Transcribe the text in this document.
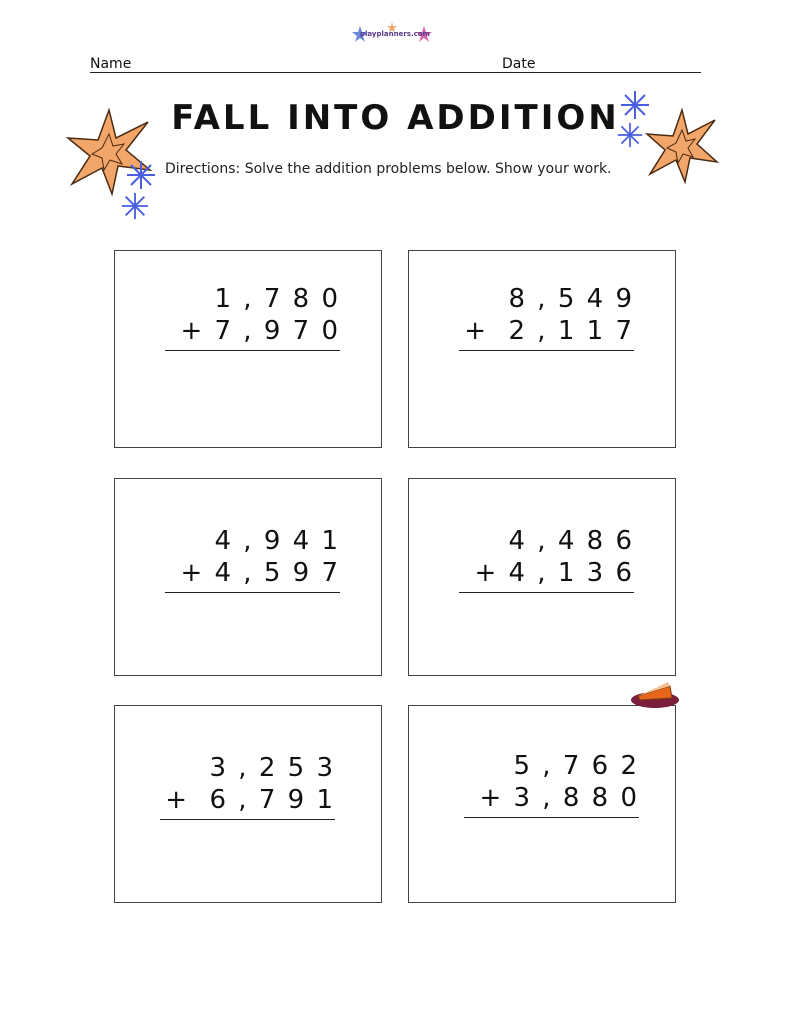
playplanners.com
Name	Date
FALL INTO ADDITION
Directions: Solve the addition problems below. Show your work.
1 , 7 8 0
+ 7 , 9 7 0
8 , 5 4 9
+  2 , 1 1 7
4 , 9 4 1
+ 4 , 5 9 7
4 , 4 8 6
+ 4 , 1 3 6
3 , 2 5 3
+  6 , 7 9 1
5 , 7 6 2
+ 3 , 8 8 0
